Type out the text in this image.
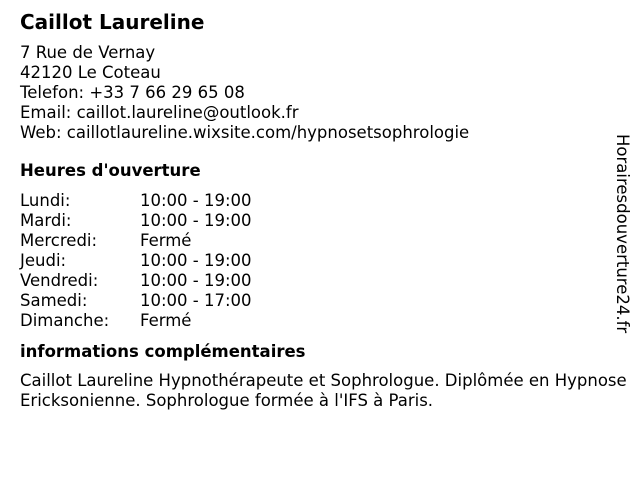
Caillot Laureline
7 Rue de Vernay
42120 Le Coteau
Telefon: +33 7 66 29 65 08
Email: caillot.laureline@outlook.fr
Web: caillotlaureline.wixsite.com/hypnosetsophrologie
Heures d'ouverture
Lundi:	10:00 - 19:00
Mardi:	10:00 - 19:00
Mercredi:	Fermé
Jeudi:	10:00 - 19:00
Vendredi:	10:00 - 19:00
Samedi:	10:00 - 17:00
Dimanche:	Fermé
informations complémentaires
Caillot Laureline Hypnothérapeute et Sophrologue. Diplômée en Hypnose Ericksonienne. Sophrologue formée à l'IFS à Paris.
Horairesdouverture24.fr
